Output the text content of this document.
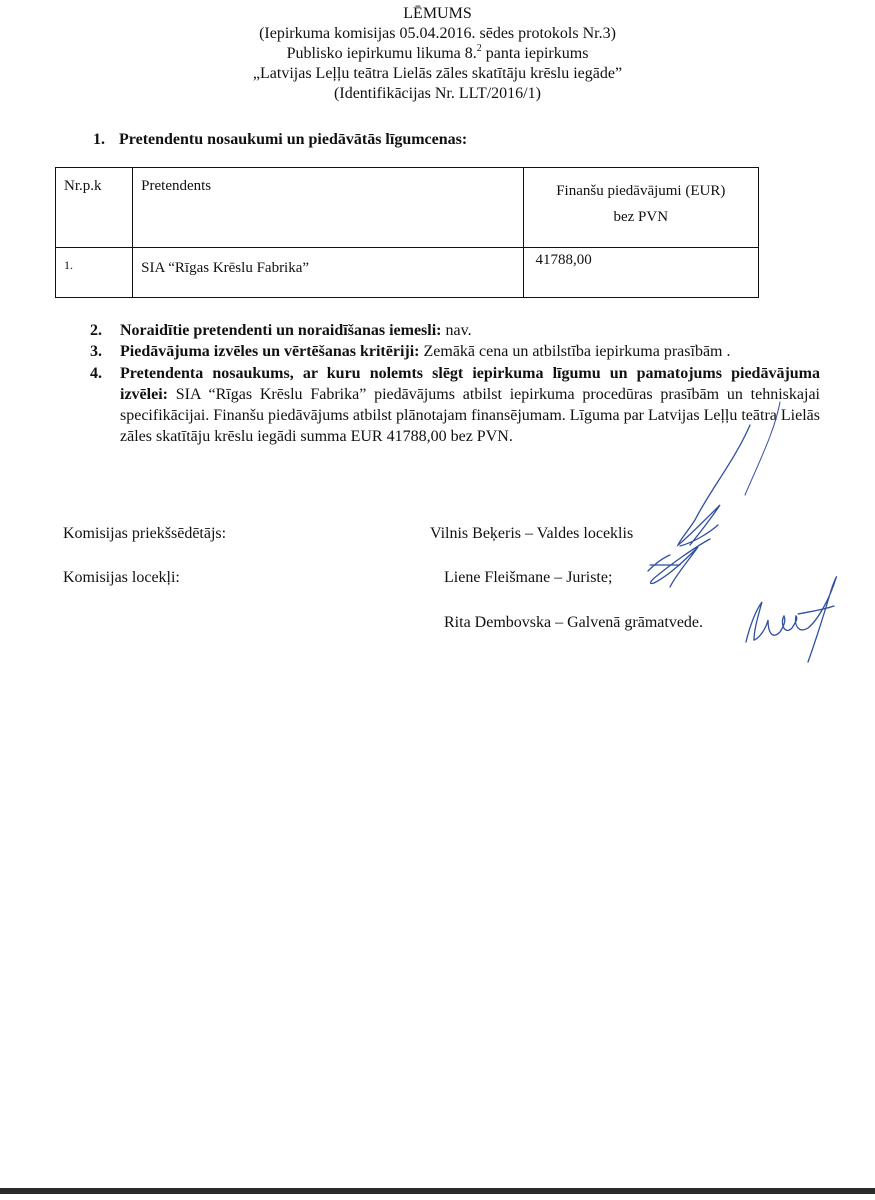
LĒMUMS
(Iepirkuma komisijas 05.04.2016. sēdes protokols Nr.3)
Publisko iepirkumu likuma 8.$^2$ panta iepirkums
„Latvijas Leļļu teātra Lielās zāles skatītāju krēslu iegāde”
(Identifikācijas Nr. LLT/2016/1)
1. Pretendentu nosaukumi un piedāvātās līgumcenas:
Nr.p.k	Pretendents	Finanšu piedāvājumi (EUR)
bez PVN

1.	SIA “Rīgas Krēslu Fabrika”	41788,00
2. Noraidītie pretendenti un noraidīšanas iemesli: nav.
3. Piedāvājuma izvēles un vērtēšanas kritēriji: Zemākā cena un atbilstība iepirkuma prasībām .
4. Pretendenta nosaukums, ar kuru nolemts slēgt iepirkuma līgumu un pamatojums piedāvājuma izvēlei: SIA “Rīgas Krēslu Fabrika” piedāvājums atbilst iepirkuma procedūras prasībām un tehniskajai specifikācijai. Finanšu piedāvājums atbilst plānotajam finansējumam. Līguma par Latvijas Leļļu teātra Lielās zāles skatītāju krēslu iegādi summa EUR 41788,00 bez PVN.
Komisijas priekšsēdētājs:	Vilnis Beķeris – Valdes loceklis
Komisijas locekļi:	Liene Fleišmane – Juriste;
Rita Dembovska – Galvenā grāmatvede.
